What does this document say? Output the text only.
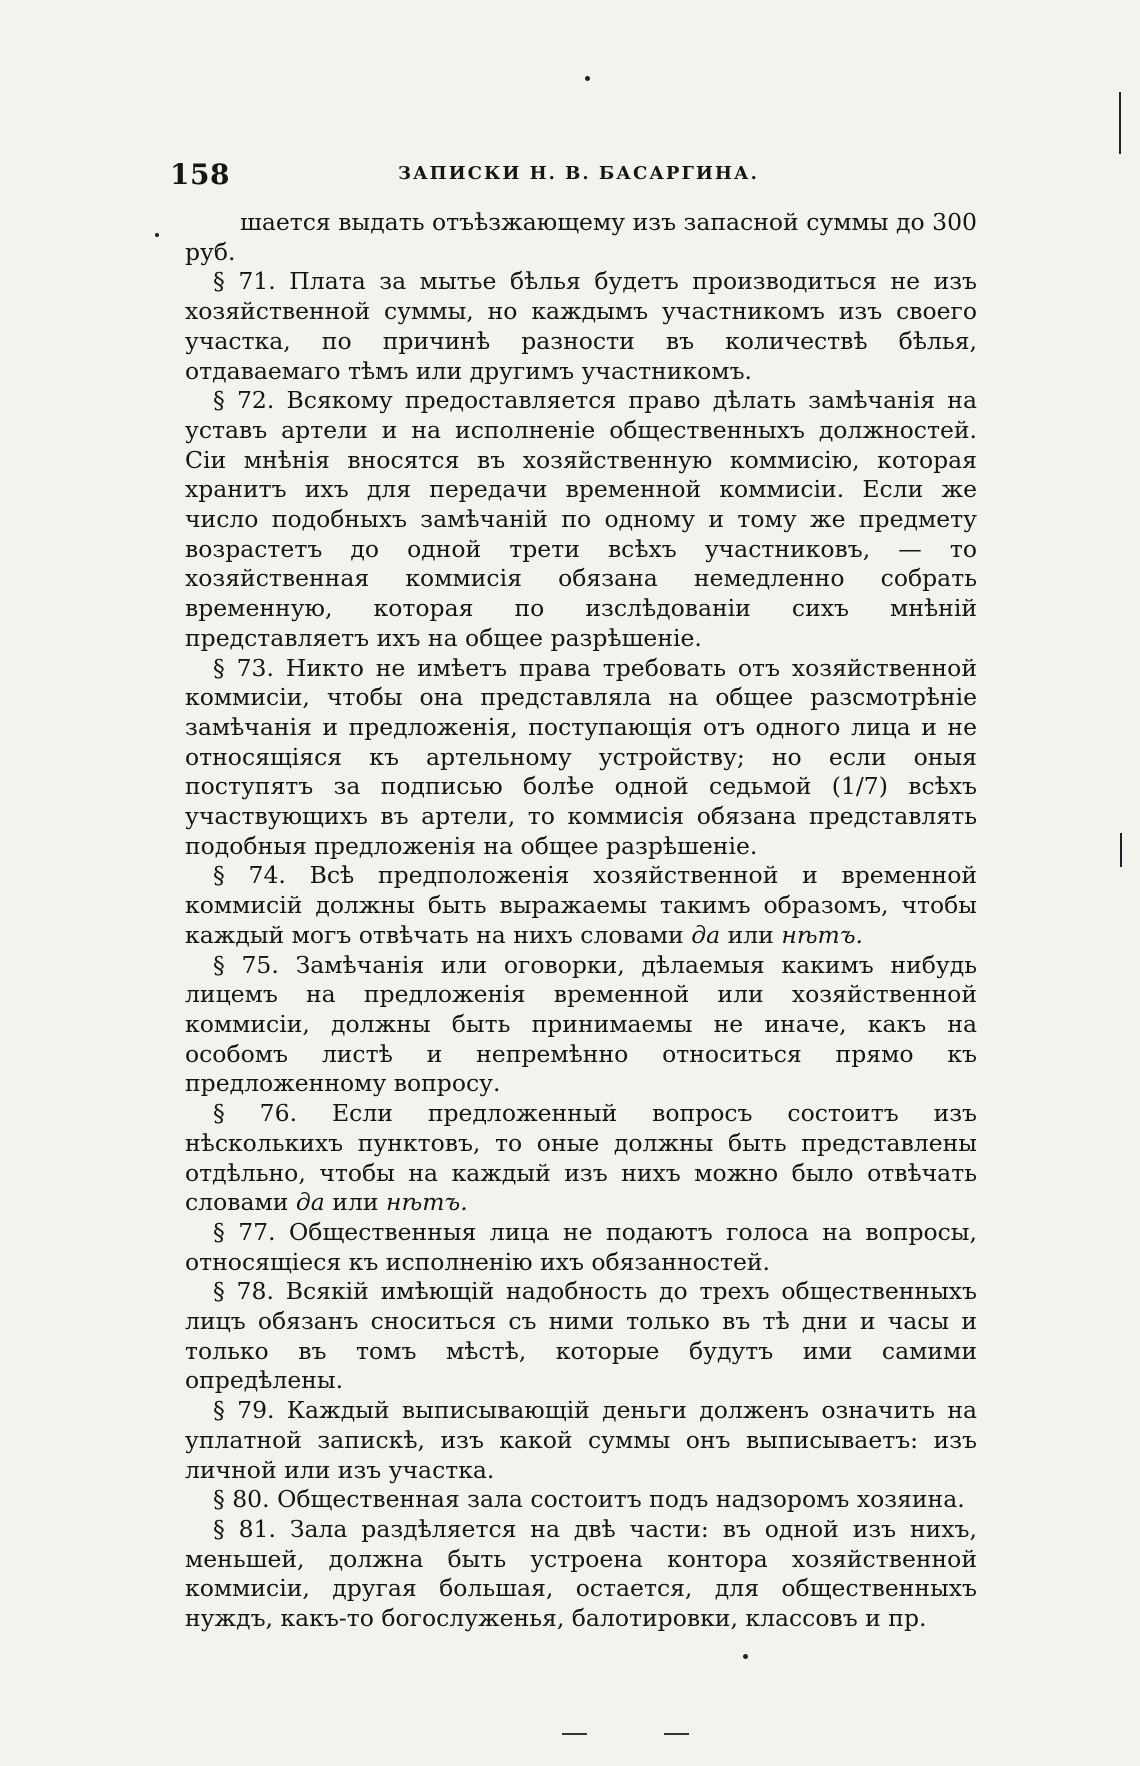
158	ЗАПИСКИ Н. В. БАСАРГИНА.

шается выдать отъѣзжающему изъ запасной суммы до 300 руб.

§ 71. Плата за мытье бѣлья будетъ производиться не изъ хозяйственной суммы, но каждымъ участникомъ изъ своего участка, по причинѣ разности въ количествѣ бѣлья, отдаваемаго тѣмъ или другимъ участникомъ.

§ 72. Всякому предоставляется право дѣлать замѣчанія на уставъ артели и на исполненіе общественныхъ должностей. Сіи мнѣнія вносятся въ хозяйственную коммисію, которая хранитъ ихъ для передачи временной коммисіи. Если же число подобныхъ замѣчаній по одному и тому же предмету возрастетъ до одной трети всѣхъ участниковъ, — то хозяйственная коммисія обязана немедленно собрать временную, которая по изслѣдованіи сихъ мнѣній представляетъ ихъ на общее разрѣшеніе.

§ 73. Никто не имѣетъ права требовать отъ хозяйственной коммисіи, чтобы она представляла на общее разсмотрѣніе замѣчанія и предложенія, поступающія отъ одного лица и не относящіяся къ артельному устройству; но если оныя поступятъ за подписью болѣе одной седьмой (1/7) всѣхъ участвующихъ въ артели, то коммисія обязана представлять подобныя предложенія на общее разрѣшеніе.

§ 74. Всѣ предположенія хозяйственной и временной коммисій должны быть выражаемы такимъ образомъ, чтобы каждый могъ отвѣчать на нихъ словами да или нѣтъ.

§ 75. Замѣчанія или оговорки, дѣлаемыя какимъ нибудь лицемъ на предложенія временной или хозяйственной коммисіи, должны быть принимаемы не иначе, какъ на особомъ листѣ и непремѣнно относиться прямо къ предложенному вопросу.

§ 76. Если предложенный вопросъ состоитъ изъ нѣсколькихъ пунктовъ, то оные должны быть представлены отдѣльно, чтобы на каждый изъ нихъ можно было отвѣчать словами да или нѣтъ.

§ 77. Общественныя лица не подаютъ голоса на вопросы, относящіеся къ исполненію ихъ обязанностей.

§ 78. Всякій имѣющій надобность до трехъ общественныхъ лицъ обязанъ сноситься съ ними только въ тѣ дни и часы и только въ томъ мѣстѣ, которые будутъ ими самими опредѣлены.

§ 79. Каждый выписывающій деньги долженъ означить на уплатной запискѣ, изъ какой суммы онъ выписываетъ: изъ личной или изъ участка.

§ 80. Общественная зала состоитъ подъ надзоромъ хозяина.

§ 81. Зала раздѣляется на двѣ части: въ одной изъ нихъ, меньшей, должна быть устроена контора хозяйственной коммисіи, другая большая, остается, для общественныхъ нуждъ, какъ-то богослуженья, балотировки, классовъ и пр.
